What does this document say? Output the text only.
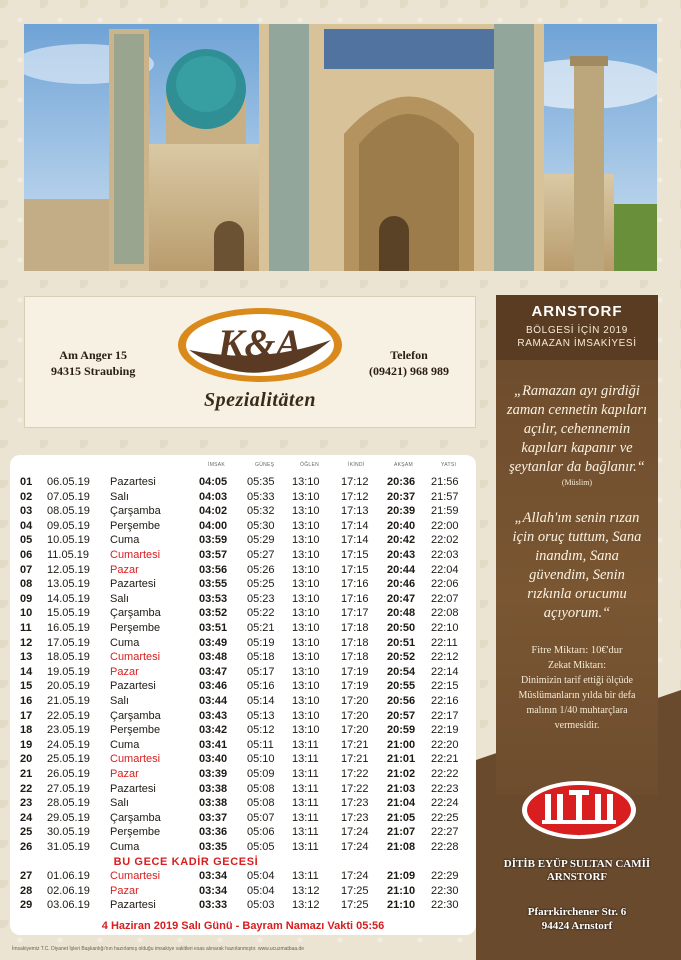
Am Anger 15
94315 Straubing
K&A
Spezialitäten
Telefon
(09421) 968 989
ARNSTORF
BÖLGESİ İÇİN 2019
RAMAZAN İMSAKİYESİ
„Ramazan ayı girdiği zaman cennetin kapıları açılır, cehennemin kapıları kapanır ve şeytanlar da bağlanır.“
(Müslim)
„Allah'ım senin rızan için oruç tuttum, Sana inandım, Sana güvendim, Senin rızkınla orucumu açıyorum.“
Fitre Miktarı: 10€'dur
Zekat Miktarı:
Dinimizin tarif ettiği ölçüde Müslümanların yılda bir defa malının 1/40 muhtarçlara vermesidir.
DİTİB
DİTİB EYÜP SULTAN CAMİİ
ARNSTORF
Pfarrkirchener Str. 6
94424 Arnstorf
İMSAK	GÜNEŞ	ÖĞLEN	İKİNDİ	AKŞAM	YATSI
01 06.05.19 Pazartesi	04:05 05:35 13:10 17:12 20:36 21:56
02 07.05.19 Salı	04:03 05:33 13:10 17:12 20:37 21:57
03 08.05.19 Çarşamba	04:02 05:32 13:10 17:13 20:39 21:59
04 09.05.19 Perşembe	04:00 05:30 13:10 17:14 20:40 22:00
05 10.05.19 Cuma	03:59 05:29 13:10 17:14 20:42 22:02
06 11.05.19 Cumartesi	03:57 05:27 13:10 17:15 20:43 22:03
07 12.05.19 Pazar	03:56 05:26 13:10 17:15 20:44 22:04
08 13.05.19 Pazartesi	03:55 05:25 13:10 17:16 20:46 22:06
09 14.05.19 Salı	03:53 05:23 13:10 17:16 20:47 22:07
10 15.05.19 Çarşamba	03:52 05:22 13:10 17:17 20:48 22:08
11 16.05.19 Perşembe	03:51 05:21 13:10 17:18 20:50 22:10
12 17.05.19 Cuma	03:49 05:19 13:10 17:18 20:51 22:11
13 18.05.19 Cumartesi	03:48 05:18 13:10 17:18 20:52 22:12
14 19.05.19 Pazar	03:47 05:17 13:10 17:19 20:54 22:14
15 20.05.19 Pazartesi	03:46 05:16 13:10 17:19 20:55 22:15
16 21.05.19 Salı	03:44 05:14 13:10 17:20 20:56 22:16
17 22.05.19 Çarşamba	03:43 05:13 13:10 17:20 20:57 22:17
18 23.05.19 Perşembe	03:42 05:12 13:10 17:20 20:59 22:19
19 24.05.19 Cuma	03:41 05:11 13:11 17:21 21:00 22:20
20 25.05.19 Cumartesi	03:40 05:10 13:11 17:21 21:01 22:21
21 26.05.19 Pazar	03:39 05:09 13:11 17:22 21:02 22:22
22 27.05.19 Pazartesi	03:38 05:08 13:11 17:22 21:03 22:23
23 28.05.19 Salı	03:38 05:08 13:11 17:23 21:04 22:24
24 29.05.19 Çarşamba	03:37 05:07 13:11 17:23 21:05 22:25
25 30.05.19 Perşembe	03:36 05:06 13:11 17:24 21:07 22:27
26 31.05.19 Cuma	03:35 05:05 13:11 17:24 21:08 22:28
27 01.06.19 Cumartesi	03:34 05:04 13:11 17:24 21:09 22:29
28 02.06.19 Pazar	03:34 05:04 13:12 17:25 21:10 22:30
29 03.06.19 Pazartesi	03:33 05:03 13:12 17:25 21:10 22:30
BU GECE KADİR GECESİ
4 Haziran 2019 Salı Günü - Bayram Namazı Vakti 05:56
İmsakiyemiz T.C. Diyanet İşleri Başkanlığı'nın hazırlamış olduğu imsakiye vakitleri esas alınarak hazırlanmıştır. www.ucuzmatbaa.de
